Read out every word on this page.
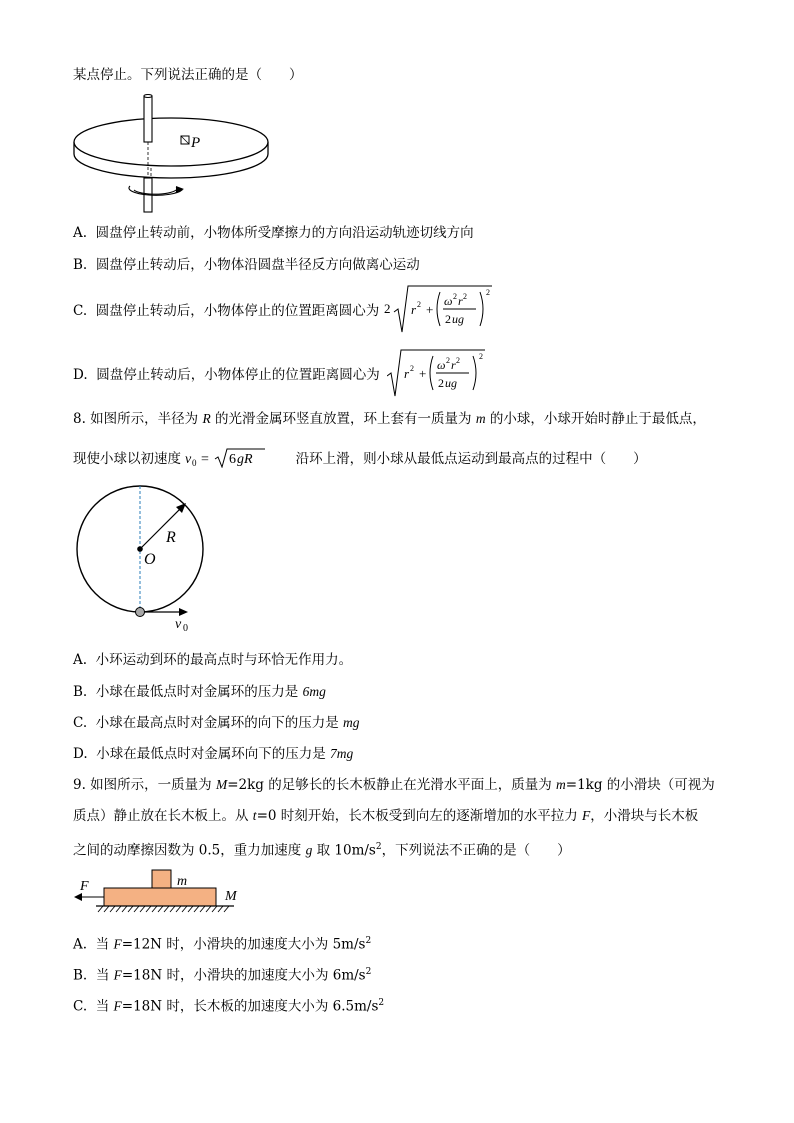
某点停止。下列说法正确的是（　　）
P
A. 圆盘停止转动前，小物体所受摩擦力的方向沿运动轨迹切线方向
B. 圆盘停止转动后，小物体沿圆盘半径反方向做离心运动
C. 圆盘停止转动后，小物体停止的位置距离圆心为 2 r 2 +
ω 2 r 2
2 ug
2
D. 圆盘停止转动后，小物体停止的位置距离圆心为 r 2 +
ω 2 r 2
2 ug
2
8. 如图所示，半径为 R 的光滑金属环竖直放置，环上套有一质量为 m 的小球，小球开始时静止于最低点，
现使小球以初速度 v 0 = 6 gR	沿环上滑，则小球从最低点运动到最高点的过程中（　　）
R
O
v 0
A. 小环运动到环的最高点时与环恰无作用力。
B. 小球在最低点时对金属环的压力是 6mg
C. 小球在最高点时对金属环的向下的压力是 mg
D. 小球在最低点时对金属环向下的压力是 7mg
9. 如图所示，一质量为 M=2kg 的足够长的长木板静止在光滑水平面上，质量为 m=1kg 的小滑块（可视为
质点）静止放在长木板上。从 t=0 时刻开始，长木板受到向左的逐渐增加的水平拉力 F，小滑块与长木板
之间的动摩擦因数为 0.5，重力加速度 g 取 $10m/s^2$，下列说法不正确的是（　　）
F	m
M
A. 当 F=12N 时，小滑块的加速度大小为 $5m/s^2$
B. 当 F=18N 时，小滑块的加速度大小为 $6m/s^2$
C. 当 F=18N 时，长木板的加速度大小为 $6.5m/s^2$
